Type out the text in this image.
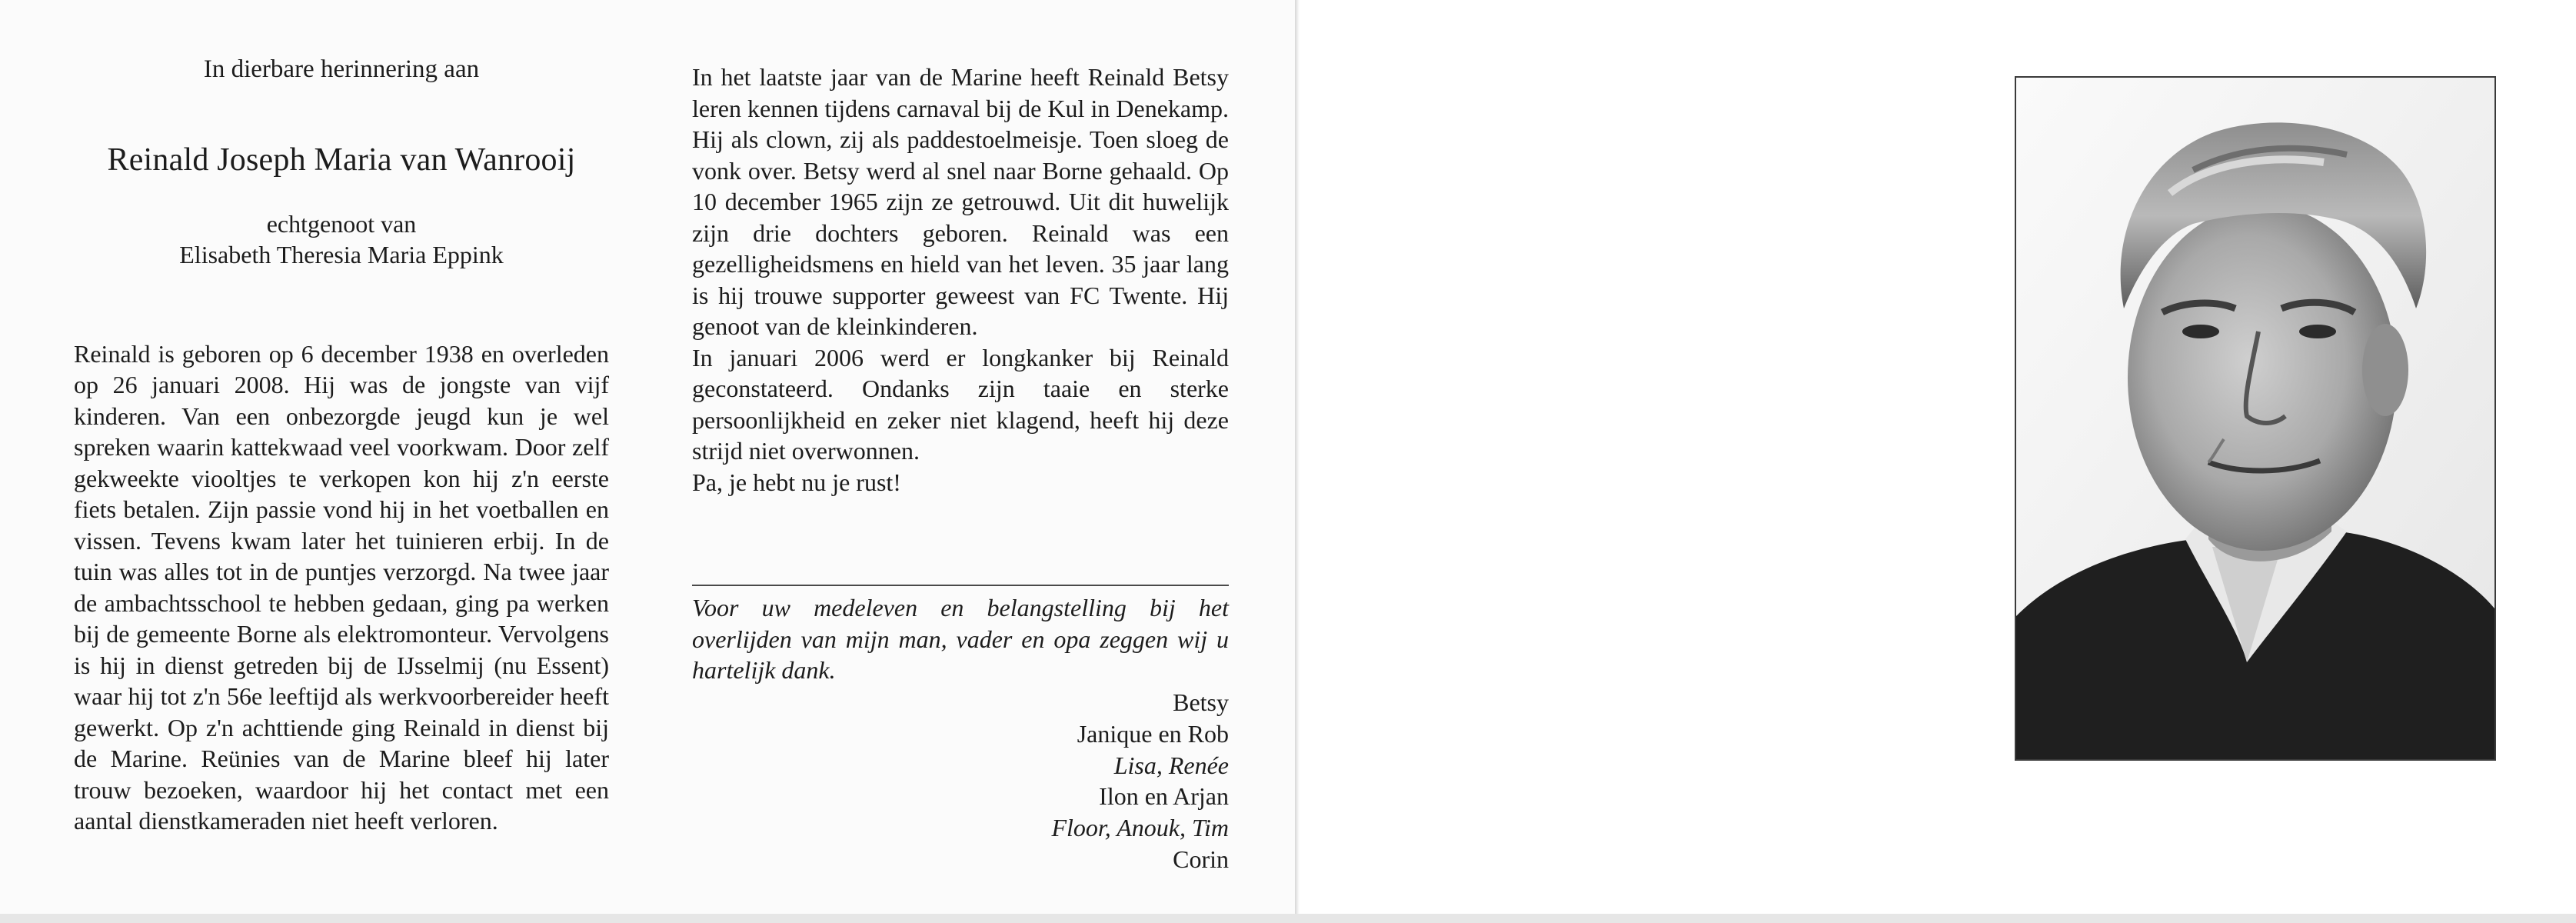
In dierbare herinnering aan

Reinald Joseph Maria van Wanrooij

echtgenoot van

Elisabeth Theresia Maria Eppink

Reinald is geboren op 6 december 1938 en overleden op 26 januari 2008. Hij was de jongste van vijf kinderen. Van een onbezorgde jeugd kun je wel spreken waarin kattekwaad veel voorkwam. Door zelf gekweekte viooltjes te verkopen kon hij z'n eerste fiets betalen. Zijn passie vond hij in het voetballen en vissen. Tevens kwam later het tuinieren erbij. In de tuin was alles tot in de puntjes verzorgd. Na twee jaar de ambachtsschool te hebben gedaan, ging pa werken bij de gemeente Borne als elektromonteur. Vervolgens is hij in dienst getreden bij de IJsselmij (nu Essent) waar hij tot z'n 56e leeftijd als werkvoorbereider heeft gewerkt. Op z'n achttiende ging Reinald in dienst bij de Marine. Reünies van de Marine bleef hij later trouw bezoeken, waardoor hij het contact met een aantal dienstkameraden niet heeft verloren.

In het laatste jaar van de Marine heeft Reinald Betsy leren kennen tijdens carnaval bij de Kul in Denekamp. Hij als clown, zij als paddestoelmeisje. Toen sloeg de vonk over. Betsy werd al snel naar Borne gehaald. Op 10 december 1965 zijn ze getrouwd. Uit dit huwelijk zijn drie dochters geboren. Reinald was een gezelligheidsmens en hield van het leven. 35 jaar lang is hij trouwe supporter geweest van FC Twente. Hij genoot van de kleinkinderen.

In januari 2006 werd er longkanker bij Reinald geconstateerd. Ondanks zijn taaie en sterke persoonlijkheid en zeker niet klagend, heeft hij deze strijd niet overwonnen.

Pa, je hebt nu je rust!

Voor uw medeleven en belangstelling bij het overlijden van mijn man, vader en opa zeggen wij u hartelijk dank.

Betsy
Janique en Rob
Lisa, Renée
Ilon en Arjan
Floor, Anouk, Tim
Corin
